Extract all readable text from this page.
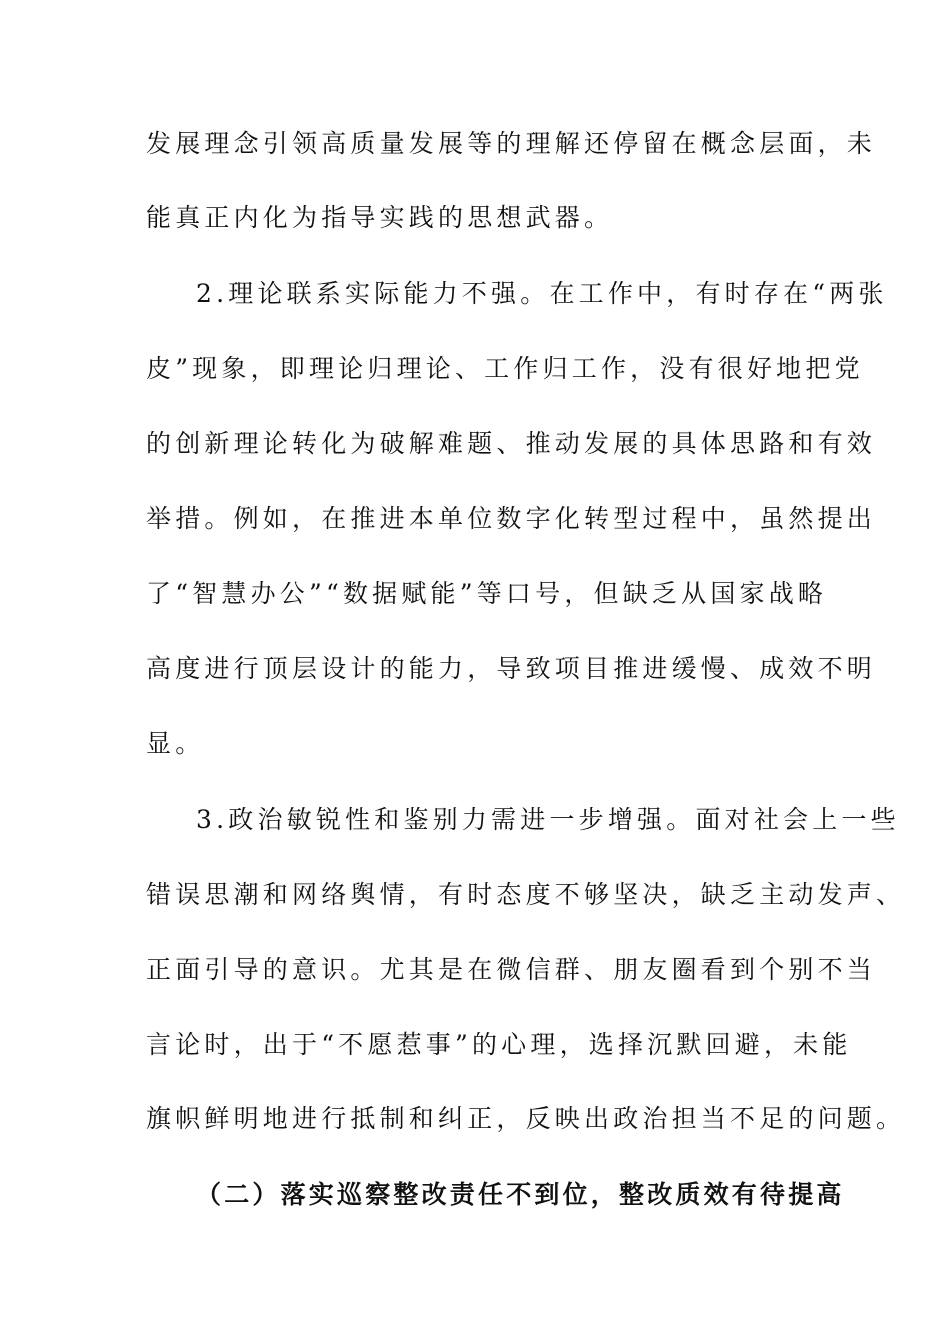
发展理念引领高质量发展等的理解还停留在概念层面，未
能真正内化为指导实践的思想武器。
2.理论联系实际能力不强。在工作中，有时存在“两张
皮”现象，即理论归理论、工作归工作，没有很好地把党
的创新理论转化为破解难题、推动发展的具体思路和有效
举措。例如，在推进本单位数字化转型过程中，虽然提出
了“智慧办公”“数据赋能”等口号，但缺乏从国家战略
高度进行顶层设计的能力，导致项目推进缓慢、成效不明
显。
3.政治敏锐性和鉴别力需进一步增强。面对社会上一些
错误思潮和网络舆情，有时态度不够坚决，缺乏主动发声、
正面引导的意识。尤其是在微信群、朋友圈看到个别不当
言论时，出于“不愿惹事”的心理，选择沉默回避，未能
旗帜鲜明地进行抵制和纠正，反映出政治担当不足的问题。
（二）落实巡察整改责任不到位，整改质效有待提高
